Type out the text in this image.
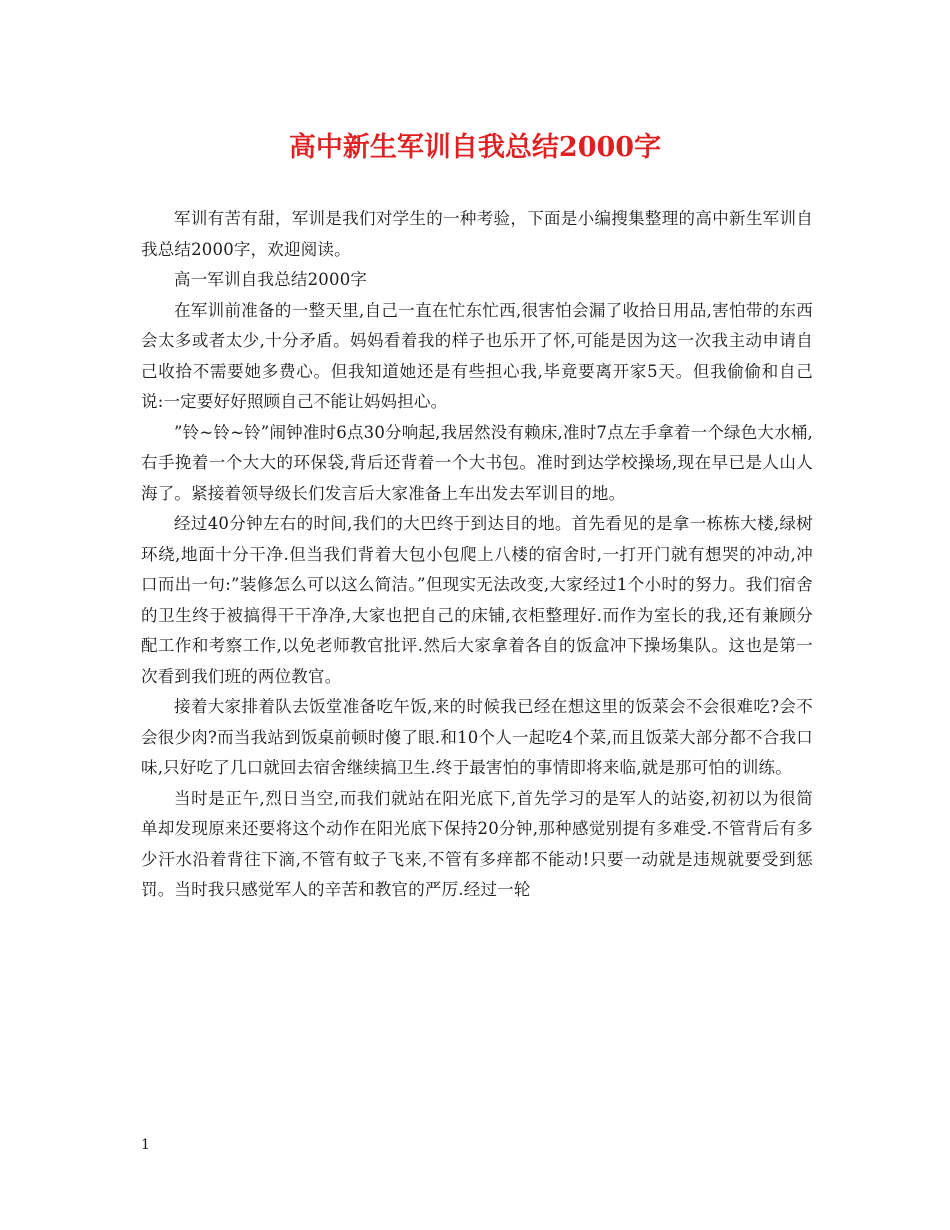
高中新生军训自我总结2000字

军训有苦有甜，军训是我们对学生的一种考验，下面是小编搜集整理的高中新生军训自我总结2000字，欢迎阅读。

高一军训自我总结2000字

在军训前准备的一整天里,自己一直在忙东忙西,很害怕会漏了收拾日用品,害怕带的东西会太多或者太少,十分矛盾。妈妈看着我的样子也乐开了怀,可能是因为这一次我主动申请自己收拾不需要她多费心。但我知道她还是有些担心我,毕竟要离开家5天。但我偷偷和自己说:一定要好好照顾自己不能让妈妈担心。

”铃~铃~铃”闹钟准时6点30分响起,我居然没有赖床,准时7点左手拿着一个绿色大水桶,右手挽着一个大大的环保袋,背后还背着一个大书包。准时到达学校操场,现在早已是人山人海了。紧接着领导级长们发言后大家准备上车出发去军训目的地。

经过40分钟左右的时间,我们的大巴终于到达目的地。首先看见的是拿一栋栋大楼,绿树环绕,地面十分干净.但当我们背着大包小包爬上八楼的宿舍时,一打开门就有想哭的冲动,冲口而出一句:”装修怎么可以这么简洁。”但现实无法改变,大家经过1个小时的努力。我们宿舍的卫生终于被搞得干干净净,大家也把自己的床铺,衣柜整理好.而作为室长的我,还有兼顾分配工作和考察工作,以免老师教官批评.然后大家拿着各自的饭盒冲下操场集队。这也是第一次看到我们班的两位教官。

接着大家排着队去饭堂准备吃午饭,来的时候我已经在想这里的饭菜会不会很难吃?会不会很少肉?而当我站到饭桌前顿时傻了眼.和10个人一起吃4个菜,而且饭菜大部分都不合我口味,只好吃了几口就回去宿舍继续搞卫生.终于最害怕的事情即将来临,就是那可怕的训练。

当时是正午,烈日当空,而我们就站在阳光底下,首先学习的是军人的站姿,初初以为很简单却发现原来还要将这个动作在阳光底下保持20分钟,那种感觉别提有多难受.不管背后有多少汗水沿着背往下滴,不管有蚊子飞来,不管有多痒都不能动!只要一动就是违规就要受到惩罚。当时我只感觉军人的辛苦和教官的严厉.经过一轮

1
